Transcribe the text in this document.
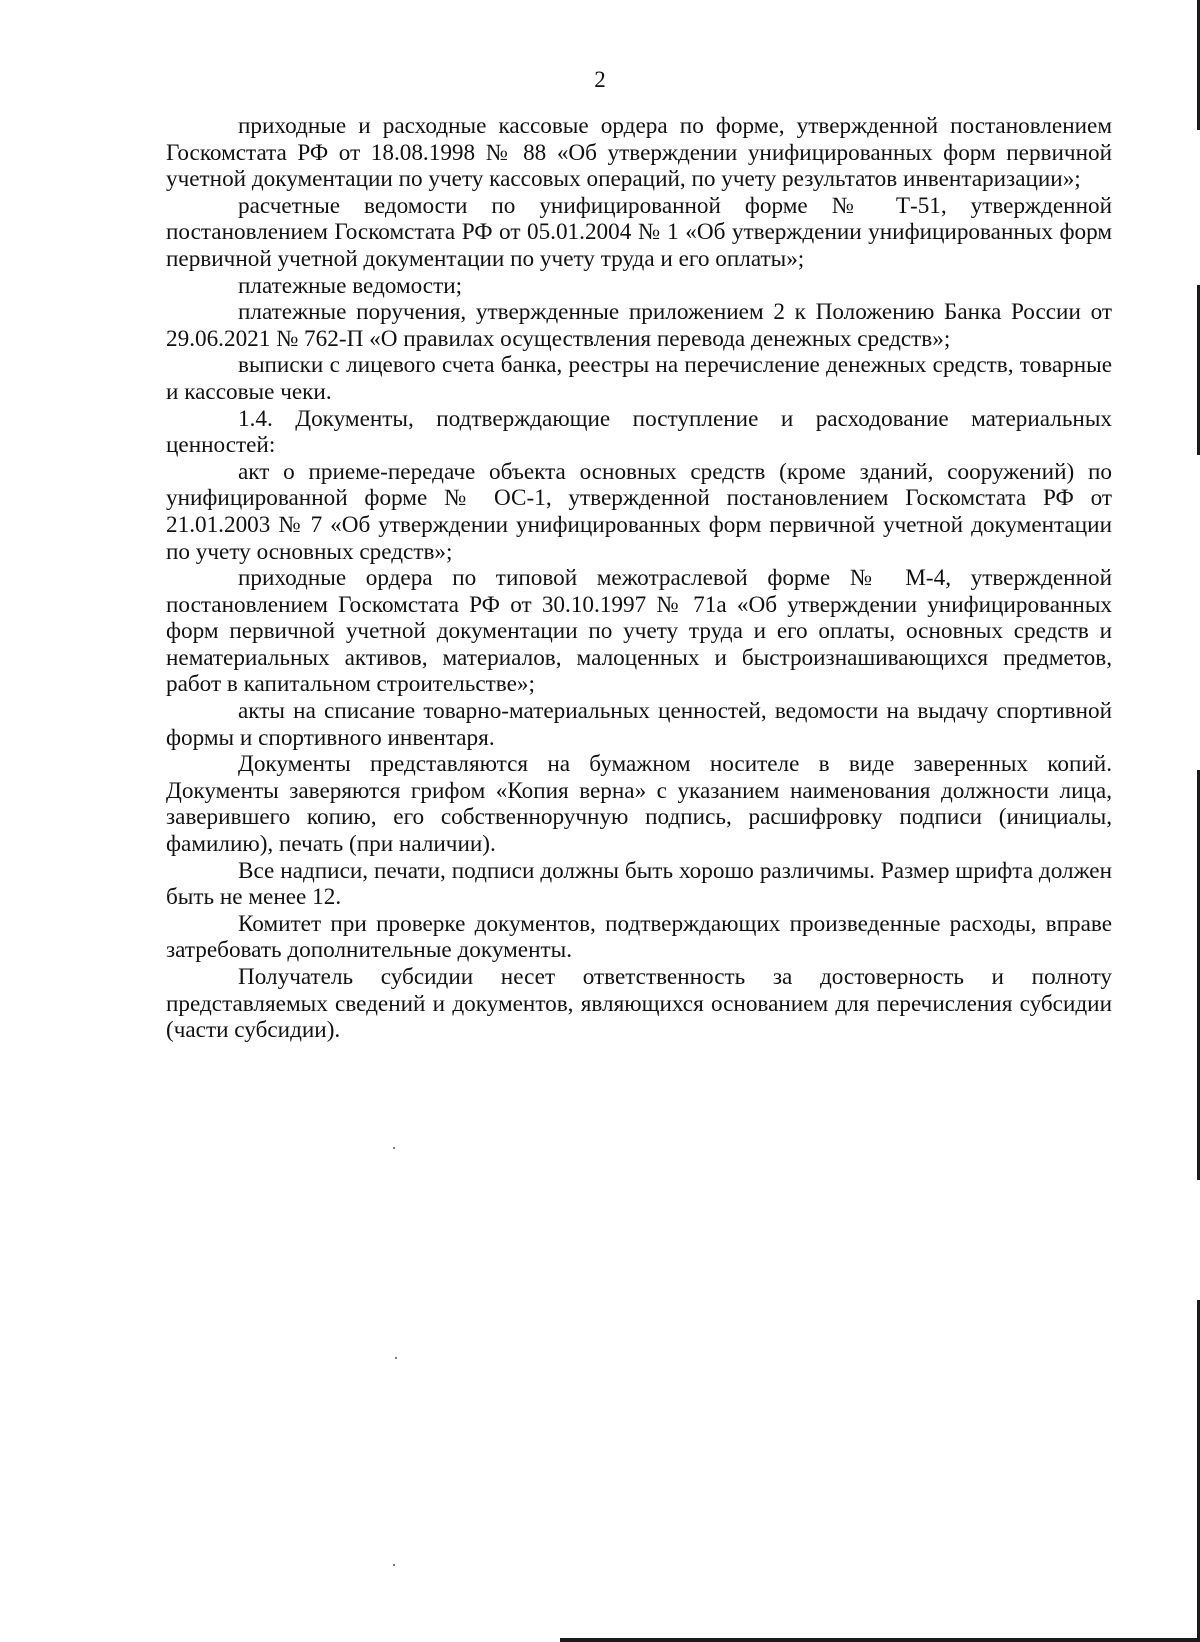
2

приходные и расходные кассовые ордера по форме, утвержденной постановлением Госкомстата РФ от 18.08.1998 № 88 «Об утверждении унифицированных форм первичной учетной документации по учету кассовых операций, по учету результатов инвентаризации»;

расчетные ведомости по унифицированной форме № Т-51, утвержденной постановлением Госкомстата РФ от 05.01.2004 № 1 «Об утверждении унифицированных форм первичной учетной документации по учету труда и его оплаты»;

платежные ведомости;

платежные поручения, утвержденные приложением 2 к Положению Банка России от 29.06.2021 № 762-П «О правилах осуществления перевода денежных средств»;

выписки с лицевого счета банка, реестры на перечисление денежных средств, товарные и кассовые чеки.

1.4. Документы, подтверждающие поступление и расходование материальных ценностей:

акт о приеме-передаче объекта основных средств (кроме зданий, сооружений) по унифицированной форме № ОС-1, утвержденной постановлением Госкомстата РФ от 21.01.2003 № 7 «Об утверждении унифицированных форм первичной учетной документации по учету основных средств»;

приходные ордера по типовой межотраслевой форме № М-4, утвержденной постановлением Госкомстата РФ от 30.10.1997 № 71а «Об утверждении унифицированных форм первичной учетной документации по учету труда и его оплаты, основных средств и нематериальных активов, материалов, малоценных и быстроизнашивающихся предметов, работ в капитальном строительстве»;

акты на списание товарно-материальных ценностей, ведомости на выдачу спортивной формы и спортивного инвентаря.

Документы представляются на бумажном носителе в виде заверенных копий. Документы заверяются грифом «Копия верна» с указанием наименования должности лица, заверившего копию, его собственноручную подпись, расшифровку подписи (инициалы, фамилию), печать (при наличии).

Все надписи, печати, подписи должны быть хорошо различимы. Размер шрифта должен быть не менее 12.

Комитет при проверке документов, подтверждающих произведенные расходы, вправе затребовать дополнительные документы.

Получатель субсидии несет ответственность за достоверность и полноту представляемых сведений и документов, являющихся основанием для перечисления субсидии (части субсидии).
